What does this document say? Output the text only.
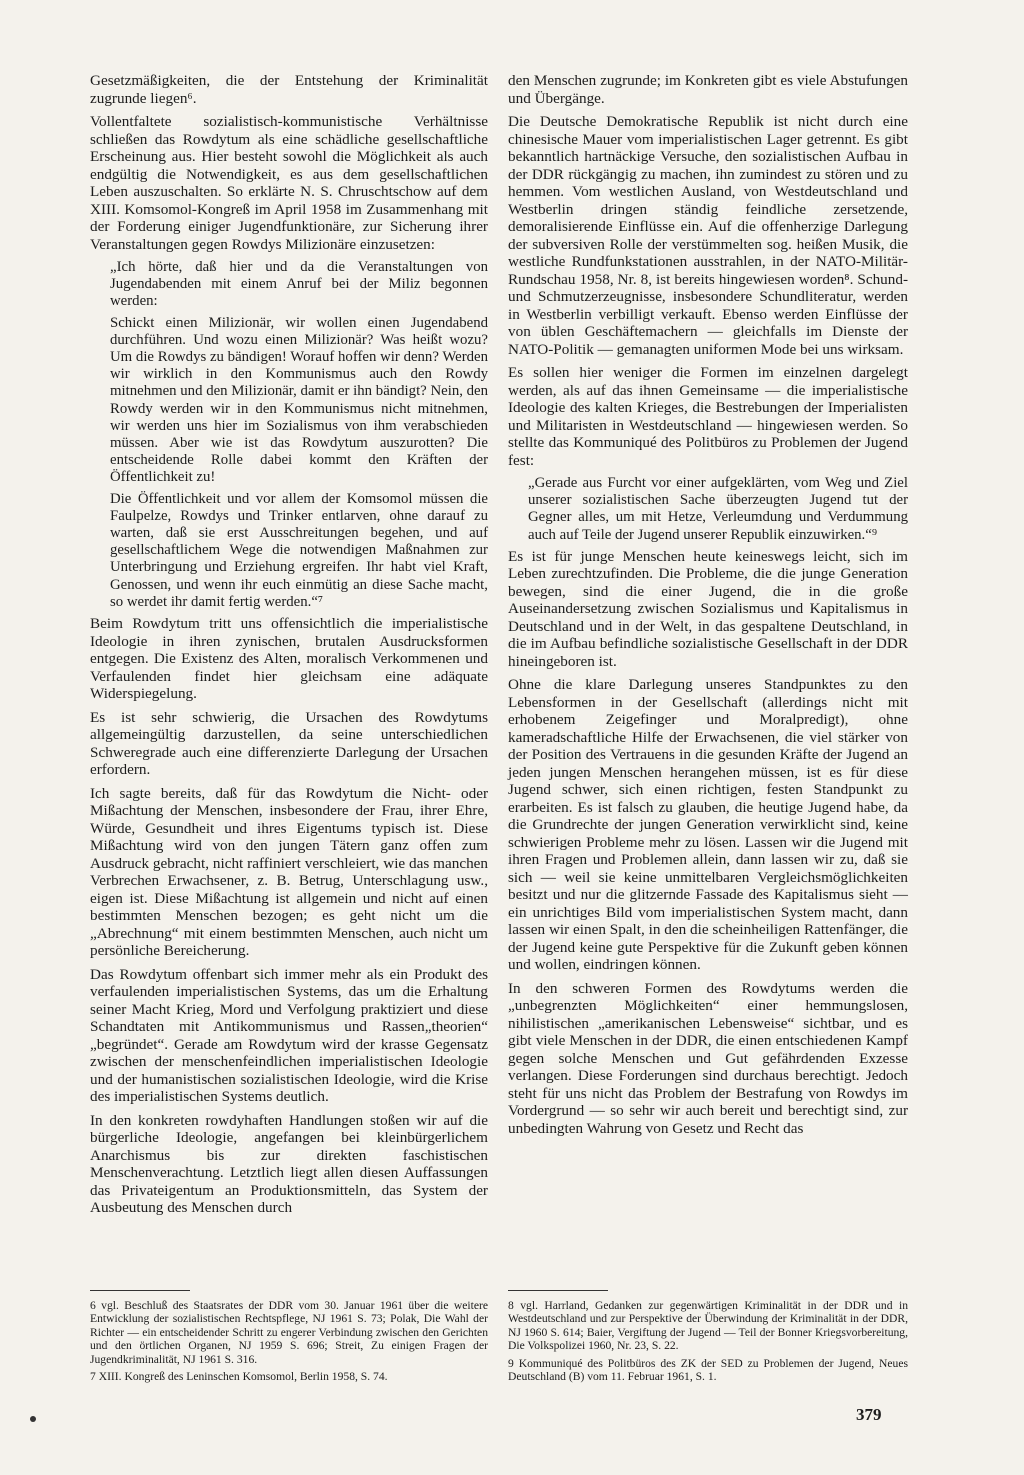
Gesetzmäßigkeiten, die der Entstehung der Kriminalität zugrunde liegen⁶.

Vollentfaltete sozialistisch-kommunistische Verhältnisse schließen das Rowdytum als eine schädliche gesellschaftliche Erscheinung aus. Hier besteht sowohl die Möglichkeit als auch endgültig die Notwendigkeit, es aus dem gesellschaftlichen Leben auszuschalten. So erklärte N. S. Chruschtschow auf dem XIII. Komsomol-Kongreß im April 1958 im Zusammenhang mit der Forderung einiger Jugendfunktionäre, zur Sicherung ihrer Veranstaltungen gegen Rowdys Milizionäre einzusetzen:

„Ich hörte, daß hier und da die Veranstaltungen von Jugendabenden mit einem Anruf bei der Miliz begonnen werden:

Schickt einen Milizionär, wir wollen einen Jugendabend durchführen. Und wozu einen Milizionär? Was heißt wozu? Um die Rowdys zu bändigen! Worauf hoffen wir denn? Werden wir wirklich in den Kommunismus auch den Rowdy mitnehmen und den Milizionär, damit er ihn bändigt? Nein, den Rowdy werden wir in den Kommunismus nicht mitnehmen, wir werden uns hier im Sozialismus von ihm verabschieden müssen. Aber wie ist das Rowdytum auszurotten? Die entscheidende Rolle dabei kommt den Kräften der Öffentlichkeit zu!

Die Öffentlichkeit und vor allem der Komsomol müssen die Faulpelze, Rowdys und Trinker entlarven, ohne darauf zu warten, daß sie erst Ausschreitungen begehen, und auf gesellschaftlichem Wege die notwendigen Maßnahmen zur Unterbringung und Erziehung ergreifen. Ihr habt viel Kraft, Genossen, und wenn ihr euch einmütig an diese Sache macht, so werdet ihr damit fertig werden.“⁷

Beim Rowdytum tritt uns offensichtlich die imperialistische Ideologie in ihren zynischen, brutalen Ausdrucksformen entgegen. Die Existenz des Alten, moralisch Verkommenen und Verfaulenden findet hier gleichsam eine adäquate Widerspiegelung.

Es ist sehr schwierig, die Ursachen des Rowdytums allgemeingültig darzustellen, da seine unterschiedlichen Schweregrade auch eine differenzierte Darlegung der Ursachen erfordern.

Ich sagte bereits, daß für das Rowdytum die Nicht- oder Mißachtung der Menschen, insbesondere der Frau, ihrer Ehre, Würde, Gesundheit und ihres Eigentums typisch ist. Diese Mißachtung wird von den jungen Tätern ganz offen zum Ausdruck gebracht, nicht raffiniert verschleiert, wie das manchen Verbrechen Erwachsener, z. B. Betrug, Unterschlagung usw., eigen ist. Diese Mißachtung ist allgemein und nicht auf einen bestimmten Menschen bezogen; es geht nicht um die „Abrechnung“ mit einem bestimmten Menschen, auch nicht um persönliche Bereicherung.

Das Rowdytum offenbart sich immer mehr als ein Produkt des verfaulenden imperialistischen Systems, das um die Erhaltung seiner Macht Krieg, Mord und Verfolgung praktiziert und diese Schandtaten mit Antikommunismus und Rassen„theorien“ „begründet“. Gerade am Rowdytum wird der krasse Gegensatz zwischen der menschenfeindlichen imperialistischen Ideologie und der humanistischen sozialistischen Ideologie, wird die Krise des imperialistischen Systems deutlich.

In den konkreten rowdyhaften Handlungen stoßen wir auf die bürgerliche Ideologie, angefangen bei kleinbürgerlichem Anarchismus bis zur direkten faschistischen Menschenverachtung. Letztlich liegt allen diesen Auffassungen das Privateigentum an Produktionsmitteln, das System der Ausbeutung des Menschen durch

den Menschen zugrunde; im Konkreten gibt es viele Abstufungen und Übergänge.

Die Deutsche Demokratische Republik ist nicht durch eine chinesische Mauer vom imperialistischen Lager getrennt. Es gibt bekanntlich hartnäckige Versuche, den sozialistischen Aufbau in der DDR rückgängig zu machen, ihn zumindest zu stören und zu hemmen. Vom westlichen Ausland, von Westdeutschland und Westberlin dringen ständig feindliche zersetzende, demoralisierende Einflüsse ein. Auf die offenherzige Darlegung der subversiven Rolle der verstümmelten sog. heißen Musik, die westliche Rundfunkstationen ausstrahlen, in der NATO-Militär-Rundschau 1958, Nr. 8, ist bereits hingewiesen worden⁸. Schund- und Schmutzerzeugnisse, insbesondere Schundliteratur, werden in Westberlin verbilligt verkauft. Ebenso werden Einflüsse der von üblen Geschäftemachern — gleichfalls im Dienste der NATO-Politik — gemanagten uniformen Mode bei uns wirksam.

Es sollen hier weniger die Formen im einzelnen dargelegt werden, als auf das ihnen Gemeinsame — die imperialistische Ideologie des kalten Krieges, die Bestrebungen der Imperialisten und Militaristen in Westdeutschland — hingewiesen werden. So stellte das Kommuniqué des Politbüros zu Problemen der Jugend fest:

„Gerade aus Furcht vor einer aufgeklärten, vom Weg und Ziel unserer sozialistischen Sache überzeugten Jugend tut der Gegner alles, um mit Hetze, Verleumdung und Verdummung auch auf Teile der Jugend unserer Republik einzuwirken.“⁹

Es ist für junge Menschen heute keineswegs leicht, sich im Leben zurechtzufinden. Die Probleme, die die junge Generation bewegen, sind die einer Jugend, die in die große Auseinandersetzung zwischen Sozialismus und Kapitalismus in Deutschland und in der Welt, in das gespaltene Deutschland, in die im Aufbau befindliche sozialistische Gesellschaft in der DDR hineingeboren ist.

Ohne die klare Darlegung unseres Standpunktes zu den Lebensformen in der Gesellschaft (allerdings nicht mit erhobenem Zeigefinger und Moralpredigt), ohne kameradschaftliche Hilfe der Erwachsenen, die viel stärker von der Position des Vertrauens in die gesunden Kräfte der Jugend an jeden jungen Menschen herangehen müssen, ist es für diese Jugend schwer, sich einen richtigen, festen Standpunkt zu erarbeiten. Es ist falsch zu glauben, die heutige Jugend habe, da die Grundrechte der jungen Generation verwirklicht sind, keine schwierigen Probleme mehr zu lösen. Lassen wir die Jugend mit ihren Fragen und Problemen allein, dann lassen wir zu, daß sie sich — weil sie keine unmittelbaren Vergleichsmöglichkeiten besitzt und nur die glitzernde Fassade des Kapitalismus sieht — ein unrichtiges Bild vom imperialistischen System macht, dann lassen wir einen Spalt, in den die scheinheiligen Rattenfänger, die der Jugend keine gute Perspektive für die Zukunft geben können und wollen, eindringen können.

In den schweren Formen des Rowdytums werden die „unbegrenzten Möglichkeiten“ einer hemmungslosen, nihilistischen „amerikanischen Lebensweise“ sichtbar, und es gibt viele Menschen in der DDR, die einen entschiedenen Kampf gegen solche Menschen und Gut gefährdenden Exzesse verlangen. Diese Forderungen sind durchaus berechtigt. Jedoch steht für uns nicht das Problem der Bestrafung von Rowdys im Vordergrund — so sehr wir auch bereit und berechtigt sind, zur unbedingten Wahrung von Gesetz und Recht das

6 vgl. Beschluß des Staatsrates der DDR vom 30. Januar 1961 über die weitere Entwicklung der sozialistischen Rechtspflege, NJ 1961 S. 73; Polak, Die Wahl der Richter — ein entscheidender Schritt zu engerer Verbindung zwischen den Gerichten und den örtlichen Organen, NJ 1959 S. 696; Streit, Zu einigen Fragen der Jugendkriminalität, NJ 1961 S. 316.

7 XIII. Kongreß des Leninschen Komsomol, Berlin 1958, S. 74.

8 vgl. Harrland, Gedanken zur gegenwärtigen Kriminalität in der DDR und in Westdeutschland und zur Perspektive der Überwindung der Kriminalität in der DDR, NJ 1960 S. 614; Baier, Vergiftung der Jugend — Teil der Bonner Kriegsvorbereitung, Die Volkspolizei 1960, Nr. 23, S. 22.

9 Kommuniqué des Politbüros des ZK der SED zu Problemen der Jugend, Neues Deutschland (B) vom 11. Februar 1961, S. 1.

379
